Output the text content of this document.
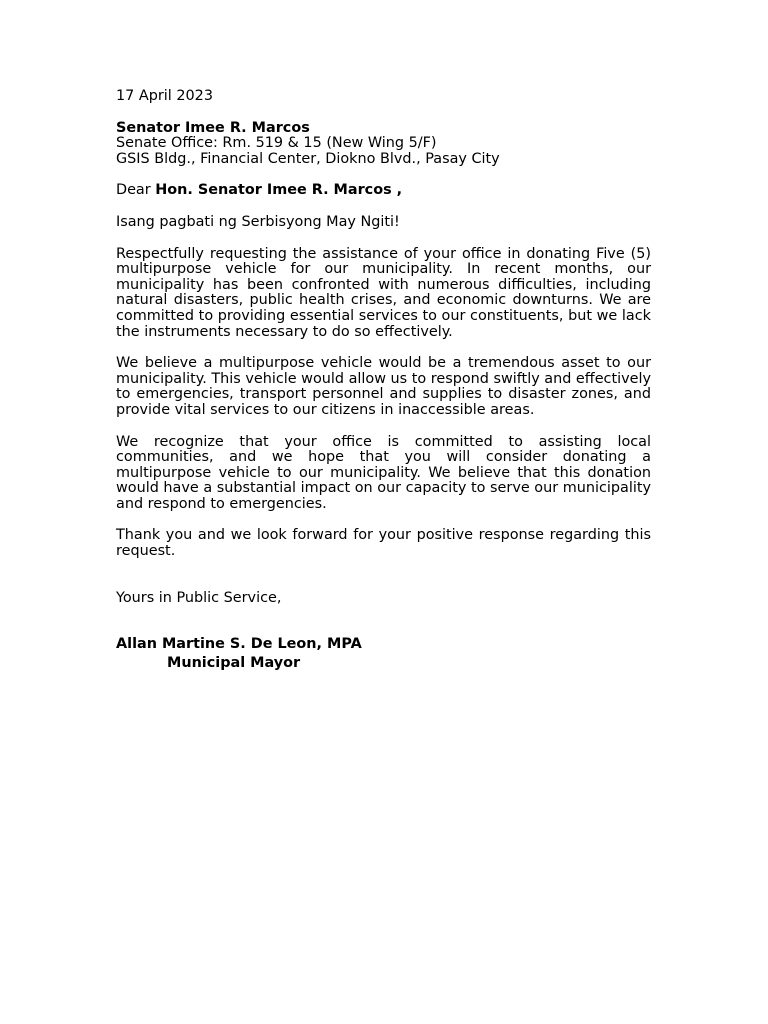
17 April 2023
Senator Imee R. Marcos
Senate Office: Rm. 519 & 15 (New Wing 5/F)
GSIS Bldg., Financial Center, Diokno Blvd., Pasay City
Dear Hon. Senator Imee R. Marcos ,
Isang pagbati ng Serbisyong May Ngiti!

Respectfully requesting the assistance of your office in donating Five (5) multipurpose vehicle for our municipality. In recent months, our municipality has been confronted with numerous difficulties, including natural disasters, public health crises, and economic downturns. We are committed to providing essential services to our constituents, but we lack the instruments necessary to do so effectively.

We believe a multipurpose vehicle would be a tremendous asset to our municipality. This vehicle would allow us to respond swiftly and effectively to emergencies, transport personnel and supplies to disaster zones, and provide vital services to our citizens in inaccessible areas.

We recognize that your office is committed to assisting local communities, and we hope that you will consider donating a multipurpose vehicle to our municipality. We believe that this donation would have a substantial impact on our capacity to serve our municipality and respond to emergencies.

Thank you and we look forward for your positive response regarding this request.

Yours in Public Service,
Allan Martine S. De Leon, MPA
Municipal Mayor
